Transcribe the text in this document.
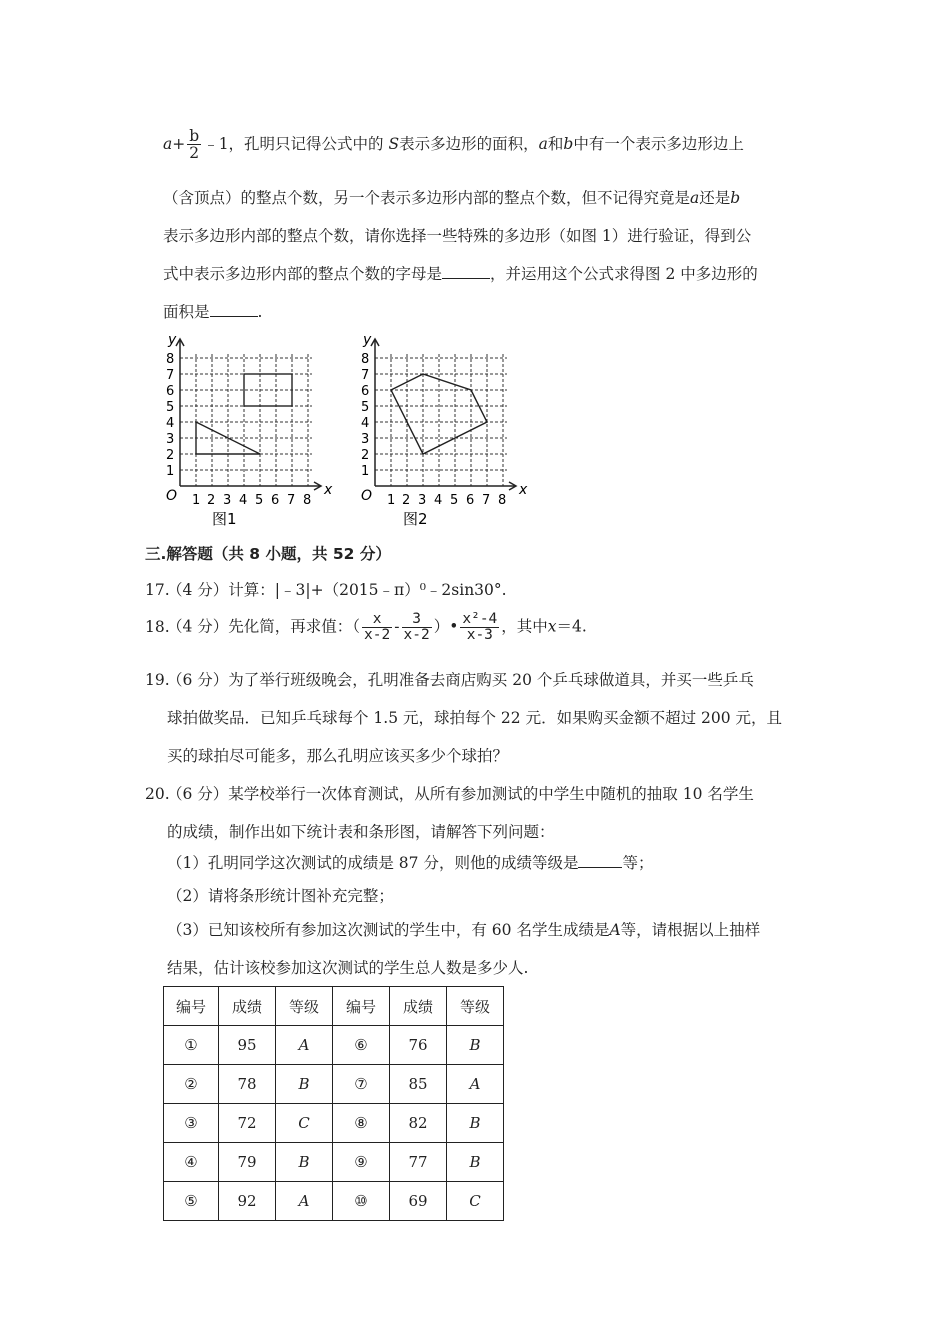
$a+ \frac{b}{2}$ ﹣1，孔明只记得公式中的 S表示多边形的面积，a和b中有一个表示多边形边上
（含顶点）的整点个数，另一个表示多边形内部的整点个数，但不记得究竟是a还是b
表示多边形内部的整点个数，请你选择一些特殊的多边形（如图 1）进行验证，得到公
式中表示多边形内部的整点个数的字母是	，并运用这个公式求得图 2 中多边形的
面积是	.
y
x
O
1
2
3
4
5
6
7
8
1 2 3 4 5 6 7 8
图1
y
x
O
1
2
3
4
5
6
7
8
1 2 3 4 5 6 7 8
图2
三.解答题（共 8 小题，共 52 分）
17.（4 分）计算：|﹣3|+（2015﹣π）⁰﹣2sin30°.
18.（4 分）先化简，再求值：（ $\frac{x}{x-2} - \frac{3}{x-2}$ ）• $\frac{\text{x²-4}}{x-3}$ ，其中x＝4.
19.（6 分）为了举行班级晚会，孔明准备去商店购买 20 个乒乓球做道具，并买一些乒乓
球拍做奖品．已知乒乓球每个 1.5 元，球拍每个 22 元．如果购买金额不超过 200 元，且
买的球拍尽可能多，那么孔明应该买多少个球拍？
20.（6 分）某学校举行一次体育测试，从所有参加测试的中学生中随机的抽取 10 名学生
的成绩，制作出如下统计表和条形图，请解答下列问题：
（1）孔明同学这次测试的成绩是 87 分，则他的成绩等级是	等；
（2）请将条形统计图补充完整；
（3）已知该校所有参加这次测试的学生中，有 60 名学生成绩是A等，请根据以上抽样
结果，估计该校参加这次测试的学生总人数是多少人.
编号	成绩	等级	编号	成绩	等级
①	95	A	⑥	76	B
②	78	B	⑦	85	A
③	72	C	⑧	82	B
④	79	B	⑨	77	B
⑤	92	A	⑩	69	C
